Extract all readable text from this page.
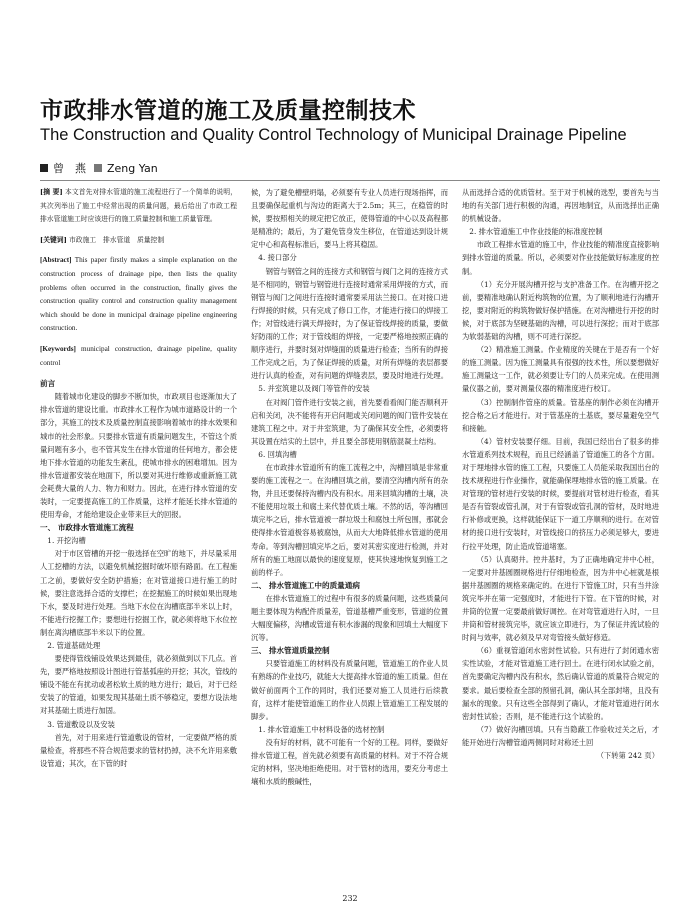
市政排水管道的施工及质量控制技术
The Construction and Quality Control Technology of Municipal Drainage Pipeline
曾　燕 Zeng Yan

[摘 要] 本文首先对排水管道的施工流程进行了一个简单的说明，其次列举出了施工中经常出现的质量问题，最后给出了市政工程排水管道施工时应该进行的施工质量控制和施工质量管理。

[关键词] 市政施工　排水管道　质量控制

[Abstract] This paper firstly makes a simple explanation on the construction process of drainage pipe, then lists the quality problems often occurred in the construction, finally gives the construction quality control and construction quality management which should be done in municipal drainage pipeline engineering construction.

[Keywords] municipal construction, drainage pipeline, quality control

前言

随着城市化建设的脚步不断加快，市政项目也逐渐加大了排水管道的建设比重。市政排水工程作为城市道路设计的一个部分，其施工的技术及质量控制直接影响着城市的排水效果和城市的社会形象。只要排水管道有质量问题发生，不管这个质量问题有多小，也不管其发生在排水管道的任何地方，都会使地下排水管道的功能发生紊乱，使城市排水的困难增加。因为排水管道都安装在地面下，所以要对其进行维修或重新施工就会耗费大量的人力、物力和财力。因此，在进行排水管道的安装时，一定要提高施工的工作质量，这样才能延长排水管道的使用寿命，才能给建设企业带来巨大的回报。

一、 市政排水管道施工流程
1. 开挖沟槽

对于市区管槽的开挖一般选择在空旷的地下，并尽量采用人工挖槽的方法，以避免机械挖掘时破坏原有路面。在工程施工之前，要做好安全防护措施；在对管道接口进行施工的时候，要注意选择合适的支撑栏；在挖掘施工的时候如果出现地下水，要及时进行处理。当地下水位在沟槽底部半米以上时，不能进行挖掘工作；要想进行挖掘工作，就必须将地下水位控制在离沟槽底部半米以下的位置。

2. 管道基础处理

要使得管线铺设效果达到最佳，就必须做到以下几点。首先，要严格地按照设计图进行管基弧座的开挖；其次，管线的铺设不能在有扰动或者松软土质的地方进行；最后，对于已经安装了的管道，如果发现其基础土质不够稳定，要想方设法地对其基础土质进行加固。

3. 管道敷设以及安装

首先，对于用来进行管道敷设的管材，一定要做严格的质量检查，将那些不符合规范要求的管材扔掉，决不允许用来敷设管道；其次，在下管的时

候，为了避免槽壁坍塌，必须要有专业人员进行现场指挥，而且要确保起重机与沟边的距离大于2.5m；其三，在稳管的时候，要按照相关的规定把它放正，使得管道的中心以及高程都是精准的；最后，为了避免管身发生移位，在管道达到设计规定中心和高程标准后，要马上将其稳固。

4. 接口部分

钢管与钢管之间的连接方式和钢管与阀门之间的连接方式是不相同的，钢管与钢管进行连接时通常采用焊接的方式，而钢管与阀门之间进行连接时通常要采用法兰接口。在对接口进行焊接的时候，只有完成了修口工作，才能进行接口的焊接工作；对管线进行满天焊接时，为了保证管线焊接的质量，要做好防雨的工作；对于管线组的焊接，一定要严格地按照正确的顺序进行，并要时刻对焊缝面的质量进行检查；当所有的焊接工作完成之后，为了保证焊接的质量，对所有焊缝的表层都要进行认真的检查，对有问题的焊缝表层，要及时地进行处理。

5. 并室筑建以及阀门等管件的安装

在对阀门管件进行安装之前，首先要看看阀门能否顺利开启和关闭，决不能将有开启问题或关闭问题的阀门管件安装在建筑工程之中。对于井室筑建，为了确保其安全性，必须要将其设置在结实的土层中，并且要全部使用钢筋混凝土结构。

6. 回填沟槽

在市政排水管道所有的施工流程之中，沟槽回填是非常重要的施工流程之一。在沟槽回填之前，要清空沟槽内所有的杂物，并且还要保持沟槽内没有积水。用来回填沟槽的土壤，决不能使用垃圾土和腐土来代替优质土壤。不然的话，等沟槽回填完毕之后，排水管道被一群垃圾土和腐蚀土所包围，那就会使得排水管道极容易被腐蚀，从而大大地降低排水管道的使用寿命。等到沟槽回填完毕之后，要对其密实度进行检测，并对所有的施工地面以最快的速度复原，使其快速地恢复到施工之前的样子。

二、 排水管道施工中的质量通病

在排水管道施工的过程中有很多的质量问题，这些质量问题主要体现为构配件质量差，管道基槽严重变形，管道的位置大幅度偏移，沟槽或管道有积水渗漏的现象和回填土大幅度下沉等。

三、 排水管道质量控制

只要管道施工的材料没有质量问题，管道施工的作业人员有熟练的作业技巧，就能大大提高排水管道的施工质量。但在做好前面两个工作的同时，我们还要对施工人员进行后续教育，这样才能使管道施工的作业人员跟上管道施工工程发展的脚步。

1. 排水管道施工中材料设备的选材控制

没有好的材料，就不可能有一个好的工程。同样，要做好排水管道工程，首先就必须要有高质量的材料。对于不符合规定的材料，坚决地拒绝使用。对于管材的选用，要充分考虑土壤和水质的酸碱性，

从而选择合适的优质管材。至于对于机械的选型，要首先与当地的有关部门进行积极的沟通，再因地制宜，从而选择出正确的机械设备。

2. 排水管道施工中作业技能的标准度控制

市政工程排水管道的施工中，作业技能的精准度直接影响到排水管道的质量。所以，必须要对作业技能做好标准度的控制。

（1）充分开展沟槽开挖与支护准备工作。在沟槽开挖之前，要精准地确认附近构筑物的位置，为了顺利地进行沟槽开挖，要对附近的构筑物做好保护措施。在对沟槽进行开挖的时候，对于底部为坚硬基础的沟槽，可以进行深挖；而对于底部为软弱基础的沟槽，则不可进行深挖。

（2）精准施工测量。作业精度的关键在于是否有一个好的施工测量。因为施工测量具有很强的技术性，所以要想做好施工测量这一工作，就必须要让专门的人员来完成。在使用测量仪器之前，要对测量仪器的精准度进行校订。

（3）控制制作管座的质量。管基座的制作必须在沟槽开挖合格之后才能进行。对于管基座的土基底，要尽量避免空气和接触。

（4）管材安装要仔细。目前，我国已经出台了很多的排水管道系列技术规程，而且已经涵盖了管道施工的各个方面。对于埋地排水管的施工工程，只要施工人员能采取我国出台的技术规程进行作业操作，就能确保埋地排水管的施工质量。在对管现的管材进行安装的时候，要提前对管材进行检查，看其是否有管裂或管孔洞，对于有管裂或管孔洞的管材，及时地进行补修或更换，这样就能保证下一道工序顺利的进行。在对管材的接口进行安装时，对管线接口的挤压力必须足够大，要进行拉平处理，防止造成管道堵塞。

（5）认真砌井。控井基时，为了正确地确定井中心桩，一定要对井基圆圈规格进行仔细地检查，因为井中心桩就是根据井基圆圈的规格来确定的。在进行下管施工时，只有当井涂筑完毕并在第一定强度时，才能进行下管。在下管的时候，对井筒的位置一定要最前做好调控。在对弯管道进行入时，一旦井筒和管材接筑完毕，就应该立即进行，为了保证井流试验的时间与效率，就必须及早对弯管接头做好修造。

（6）重视管道闭水密封性试验。只有进行了封闭通水密实性试验，才能对管道施工进行回土。在进行闭水试验之前，首先要确定沟槽内没有积水，然后确认管道的质量符合规定的要求。最后要检查全部的预留孔洞，确认其全部封堵，且没有漏水的现象。只有这些全部得到了确认，才能对管道进行闭水密封性试验；否则，是不能进行这个试验的。

（7）做好沟槽回填。只有当隐蔽工作验收过关之后，才能开始进行沟槽管道两侧同时对称还土回

（下转第 242 页）

232
